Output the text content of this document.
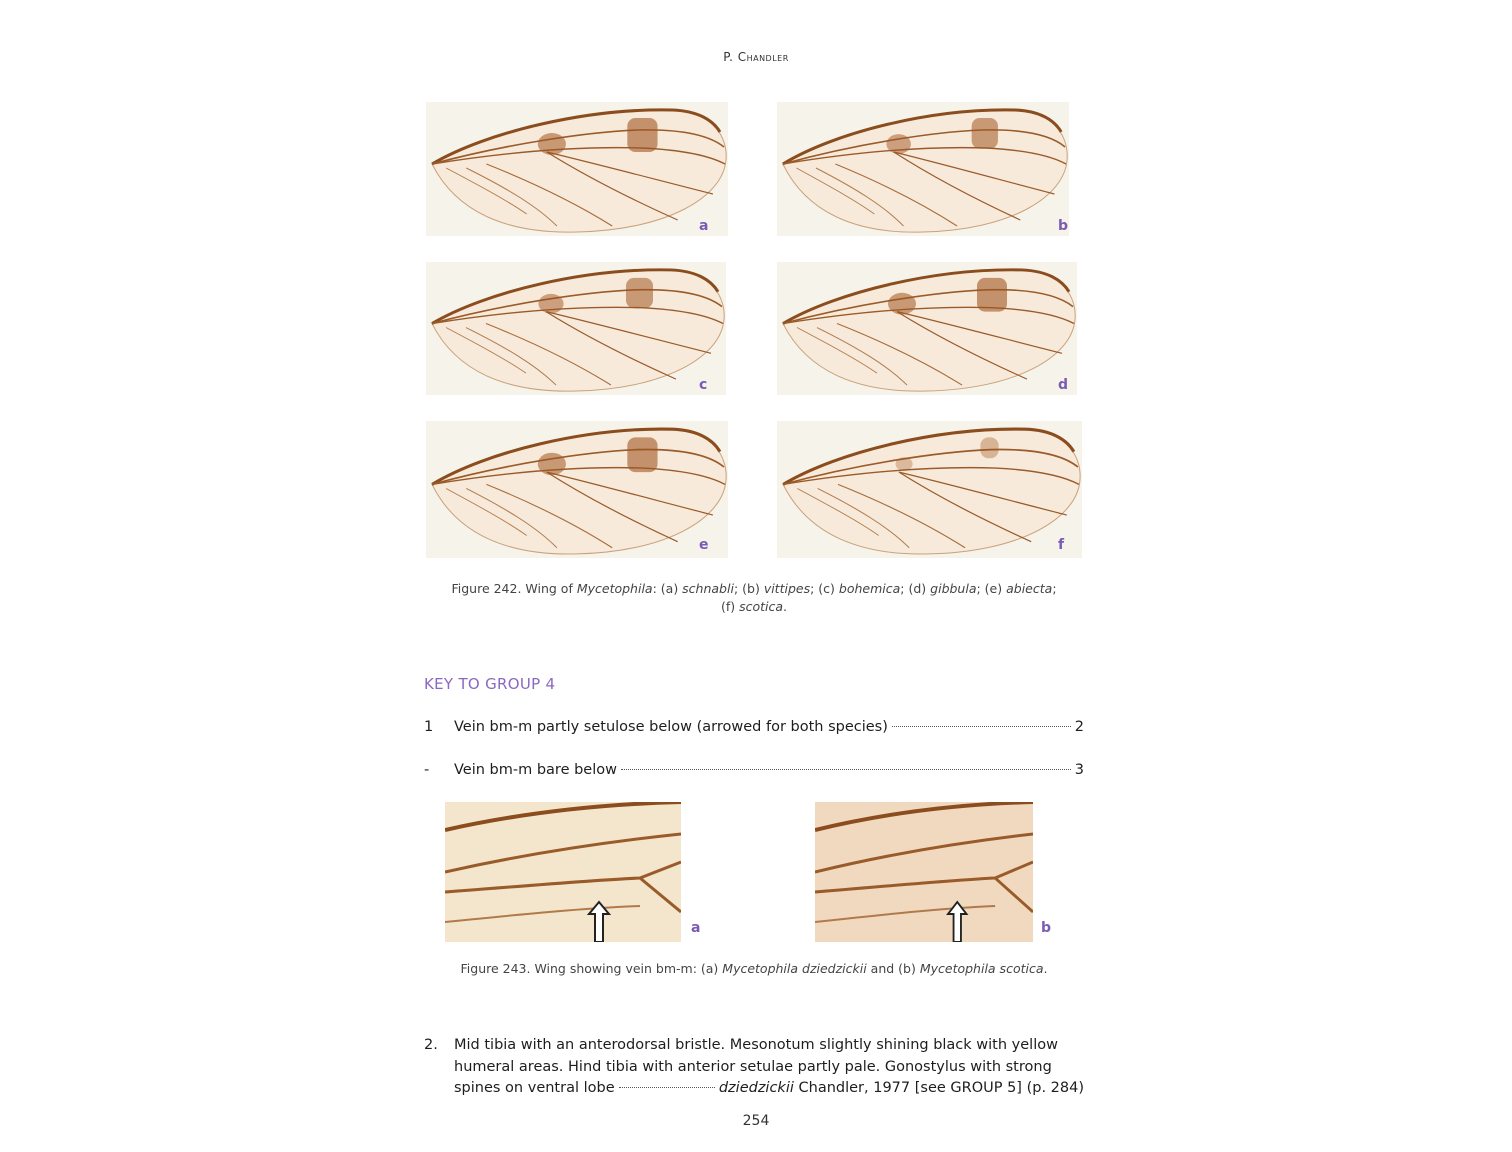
P. Chandler
a	b
c	d
e	f
Figure 242. Wing of Mycetophila: (a) schnabli; (b) vittipes; (c) bohemica; (d) gibbula; (e) abiecta;
(f) scotica.
KEY TO GROUP 4
1 Vein bm-m partly setulose below (arrowed for both species)	2
- Vein bm-m bare below	3
a	b
Figure 243. Wing showing vein bm-m: (a) Mycetophila dziedzickii and (b) Mycetophila scotica.
2. Mid tibia with an anterodorsal bristle. Mesonotum slightly shining black with yellow
humeral areas. Hind tibia with anterior setulae partly pale. Gonostylus with strong
spines on ventral lobe	dziedzickii
Chandler, 1977 [see GROUP 5] (p. 284)
254
